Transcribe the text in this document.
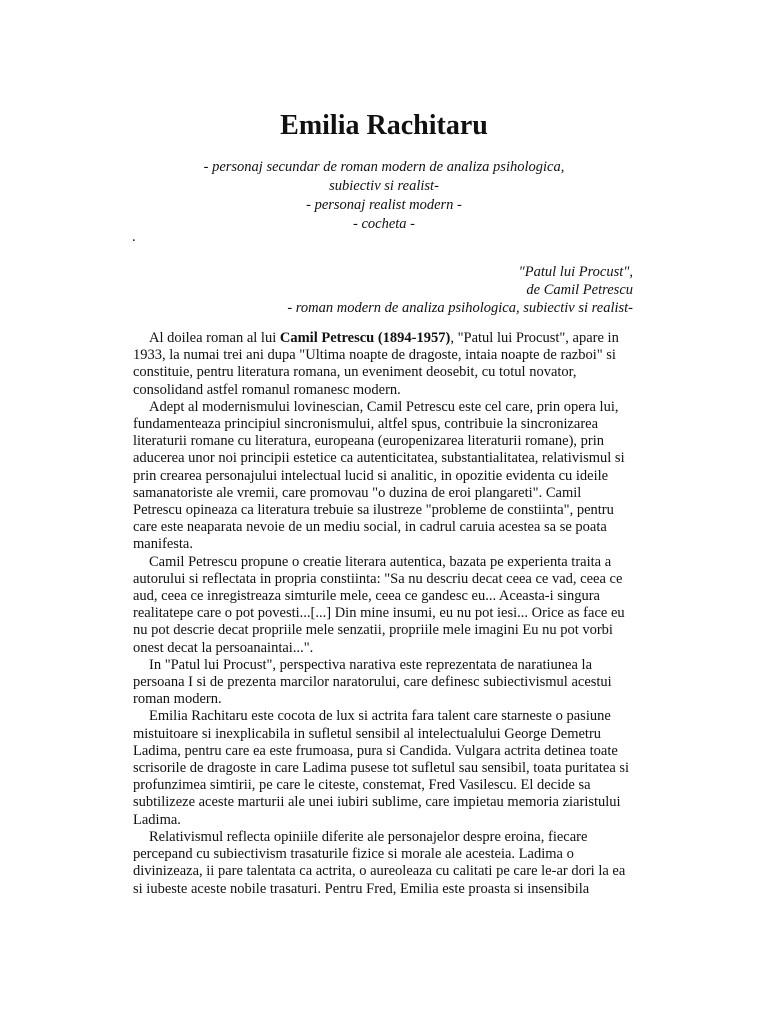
Emilia Rachitaru
- personaj secundar de roman modern de analiza psihologica,
subiectiv si realist-
- personaj realist modern -
- cocheta -
.
"Patul lui Procust",
de Camil Petrescu
- roman modern de analiza psihologica, subiectiv si realist-

Al doilea roman al lui Camil Petrescu (1894-1957), "Patul lui Procust", apare in 1933, la numai trei ani dupa "Ultima noapte de dragoste, intaia noapte de razboi" si constituie, pentru literatura romana, un eveniment deosebit, cu totul novator, consolidand astfel romanul romanesc modern.

Adept al modernismului lovinescian, Camil Petrescu este cel care, prin opera lui, fundamenteaza principiul sincronismului, altfel spus, contribuie la sincronizarea literaturii romane cu literatura, europeana (europenizarea literaturii romane), prin aducerea unor noi principii estetice ca autenticitatea, substantialitatea, relativismul si prin crearea personajului intelectual lucid si analitic, in opozitie evidenta cu ideile samanatoriste ale vremii, care promovau "o duzina de eroi plangareti". Camil Petrescu opineaza ca literatura trebuie sa ilustreze "probleme de constiinta", pentru care este neaparata nevoie de un mediu social, in cadrul caruia acestea sa se poata manifesta.

Camil Petrescu propune o creatie literara autentica, bazata pe experienta traita a autorului si reflectata in propria constiinta: "Sa nu descriu decat ceea ce vad, ceea ce aud, ceea ce inregistreaza simturile mele, ceea ce gandesc eu... Aceasta-i singura realitatepe care o pot povesti...[...] Din mine insumi, eu nu pot iesi... Orice as face eu nu pot descrie decat propriile mele senzatii, propriile mele imagini Eu nu pot vorbi onest decat la persoanaintai...".

In "Patul lui Procust", perspectiva narativa este reprezentata de naratiunea la persoana I si de prezenta marcilor naratorului, care definesc subiectivismul acestui roman modern.

Emilia Rachitaru este cocota de lux si actrita fara talent care starneste o pasiune mistuitoare si inexplicabila in sufletul sensibil al intelectualului George Demetru Ladima, pentru care ea este frumoasa, pura si Candida. Vulgara actrita detinea toate scrisorile de dragoste in care Ladima pusese tot sufletul sau sensibil, toata puritatea si profunzimea simtirii, pe care le citeste, constemat, Fred Vasilescu. El decide sa subtilizeze aceste marturii ale unei iubiri sublime, care impietau memoria ziaristului Ladima.

Relativismul reflecta opiniile diferite ale personajelor despre eroina, fiecare percepand cu subiectivism trasaturile fizice si morale ale acesteia. Ladima o divinizeaza, ii pare talentata ca actrita, o aureoleaza cu calitati pe care le-ar dori la ea si iubeste aceste nobile trasaturi. Pentru Fred, Emilia este proasta si insensibila
